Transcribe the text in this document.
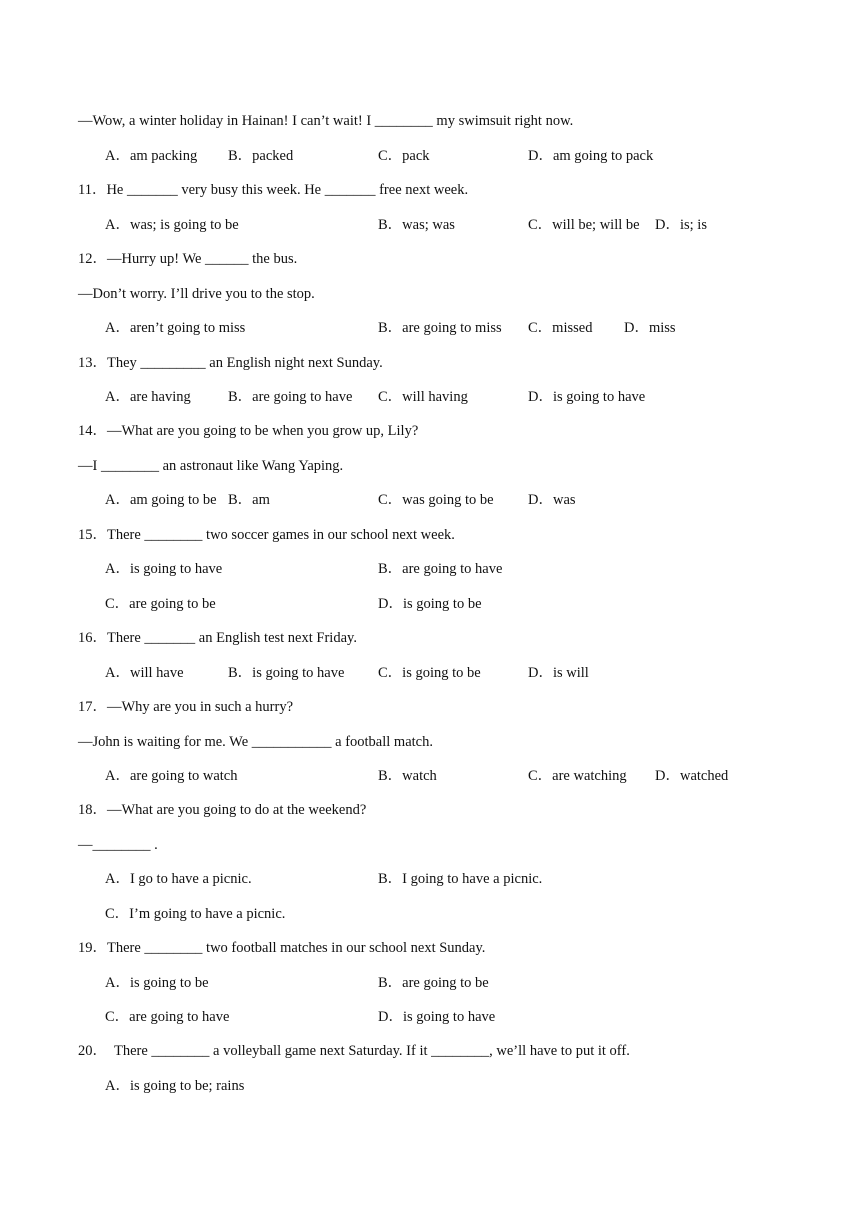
—Wow, a winter holiday in Hainan! I can’t wait! I ________ my swimsuit right now.
A．am packing B．packed	C．pack	D．am going to pack
11．He _______ very busy this week. He _______ free next week.
A．was; is going to be	B．was; was	C．will be; will be D．is; is
12．—Hurry up! We ______ the bus.
—Don’t worry. I’ll drive you to the stop.
A．aren’t going to miss	B．are going to miss C．missed D．miss
13．They _________ an English night next Sunday.
A．are having	B．are going to have C．will having	D．is going to have
14．—What are you going to be when you grow up, Lily?
—I ________ an astronaut like Wang Yaping.
A．am going to be B．am	C．was going to be D．was
15．There ________ two soccer games in our school next week.
A．is going to have	B．are going to have
C．are going to be	D．is going to be
16．There _______ an English test next Friday.
A．will have	B．is going to have C．is going to be	D．is will
17．—Why are you in such a hurry?
—John is waiting for me. We ___________ a football match.
A．are going to watch	B．watch	C．are watching D．watched
18．—What are you going to do at the weekend?
—________ .
A．I go to have a picnic.	B．I going to have a picnic.
C．I’m going to have a picnic.
19．There ________ two football matches in our school next Sunday.
A．is going to be	B．are going to be
C．are going to have	D．is going to have
20．  There ________ a volleyball game next Saturday. If it ________, we’ll have to put it off.
A．is going to be; rains
